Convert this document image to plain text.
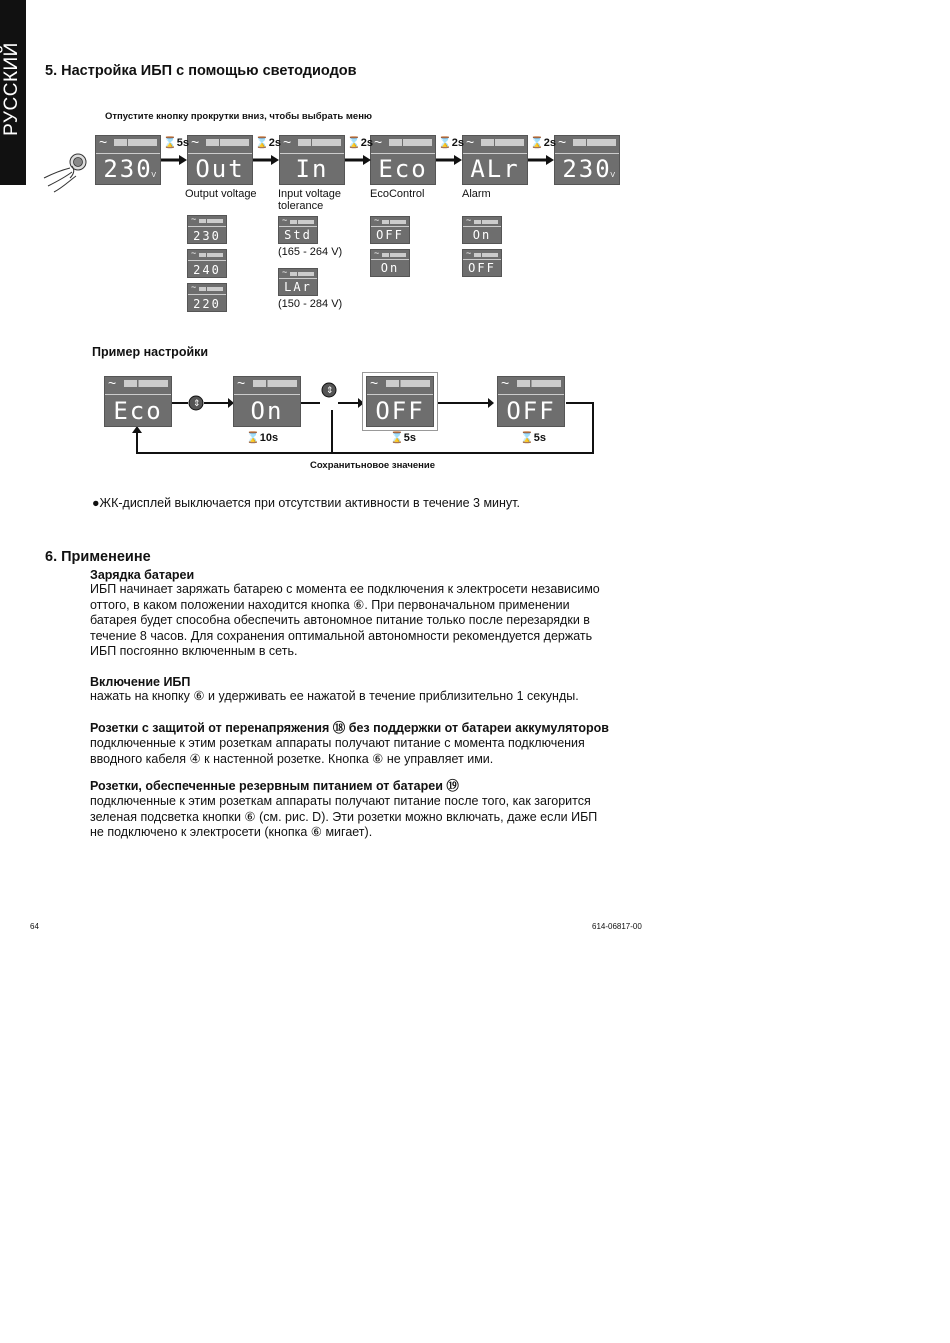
РУССКИЙ 5. Настройка ИБП с помощью светодиодов
Отпустите кнопку прокрутки вниз, чтобы выбрать меню
~
230
V
~
Out
~
In
~
Eco
~
ALr
~
230
V
⌛5s	⌛2s	⌛2s	⌛2s	⌛2s
Output voltage Input voltage tolerance
EcoControl	Alarm
~
230
~
240
~
220
~
Std
~
LAr
~
OFF
~
On
~
On
~
OFF
(165 - 264 V)
(150 - 284 V)
Пример настройки
⇕
⇕
~
Eco
~
On
~
OFF
~
OFF
⌛10s	⌛5s	⌛5s
Сохранитьновое значение
●ЖК-дисплей выключается при отсутствии активности в течение 3 минут.
6. Применеине
Зарядка батареи
ИБП начинает заряжать батарею с момента ее подключения к электросети независимо
оттого, в каком положении находится кнопка ⑥. При первоначальном применении
батарея будет способна обеспечить автономное питание только после перезарядки в
течение 8 часов. Для сохранения оптимальной автономности рекомендуется держать
ИБП посгоянно включенным в сеть.
Включение ИБП
нажать на кнопку ⑥ и удерживать ее нажатой в течение приблизительно 1 секунды.
Розетки с защитой от перенапряжения ⑱ без поддержки от батареи аккумуляторов
подключенные к этим розеткам аппараты получают питание с момента подключения
вводного кабеля ④ к настенной розетке. Кнопка ⑥ не управляет ими.
Розетки, обеспеченные резервным питанием от батареи ⑲
подключенные к этим розеткам аппараты получают питание после того, как загорится
зеленая подсветка кнопки ⑥ (см. рис. D). Эти розетки можно включать, даже если ИБП
не подключено к электросети (кнопка ⑥ мигает).
64	614-06817-00
